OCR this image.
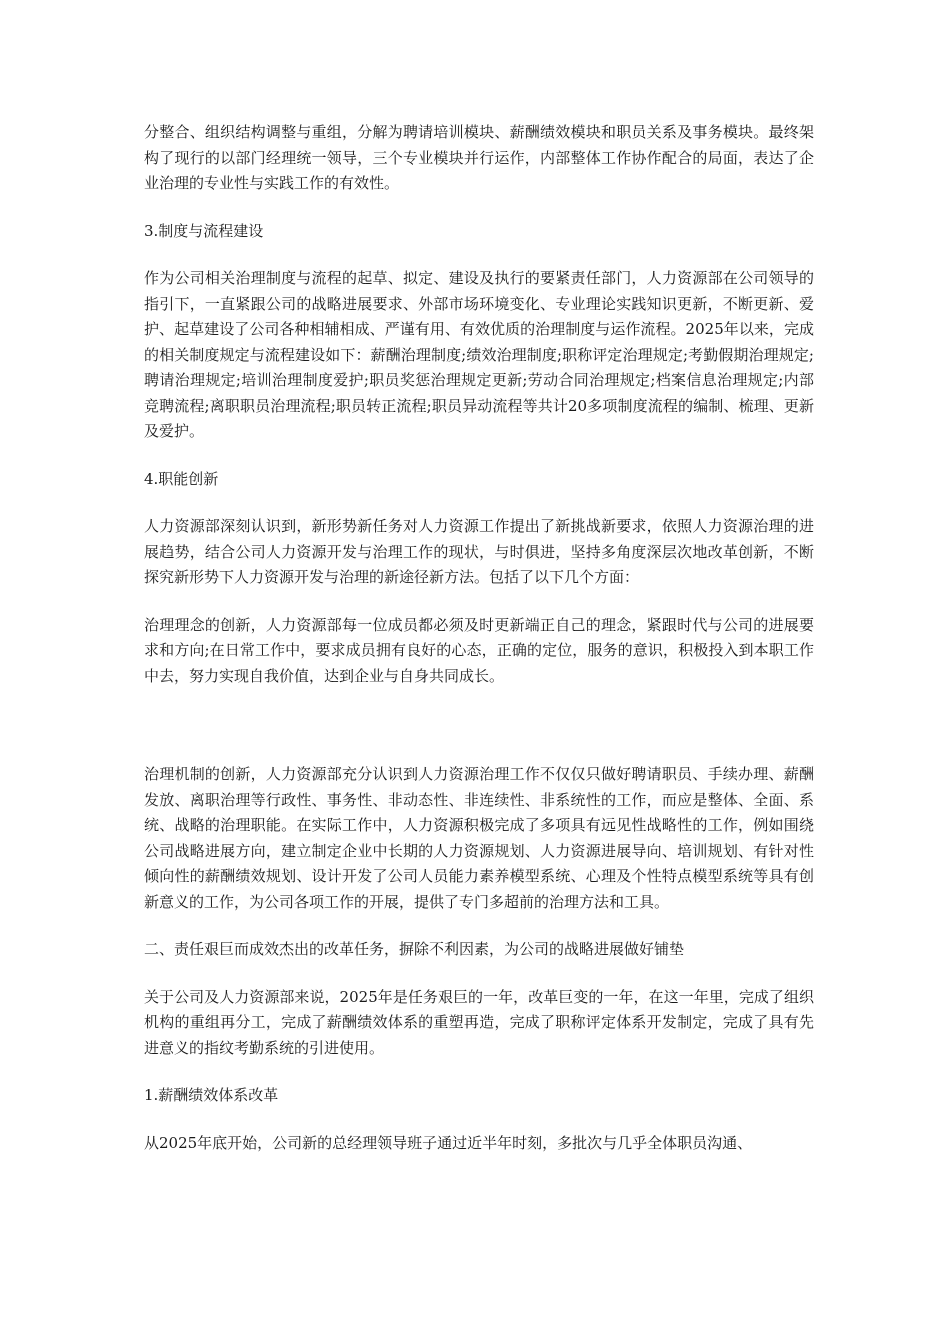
分整合、组织结构调整与重组，分解为聘请培训模块、薪酬绩效模块和职员关系及事务模块。最终架构了现行的以部门经理统一领导，三个专业模块并行运作，内部整体工作协作配合的局面，表达了企业治理的专业性与实践工作的有效性。

3.制度与流程建设

作为公司相关治理制度与流程的起草、拟定、建设及执行的要紧责任部门，人力资源部在公司领导的指引下，一直紧跟公司的战略进展要求、外部市场环境变化、专业理论实践知识更新，不断更新、爱护、起草建设了公司各种相辅相成、严谨有用、有效优质的治理制度与运作流程。2025年以来，完成的相关制度规定与流程建设如下：薪酬治理制度;绩效治理制度;职称评定治理规定;考勤假期治理规定;聘请治理规定;培训治理制度爱护;职员奖惩治理规定更新;劳动合同治理规定;档案信息治理规定;内部竞聘流程;离职职员治理流程;职员转正流程;职员异动流程等共计20多项制度流程的编制、梳理、更新及爱护。

4.职能创新

人力资源部深刻认识到，新形势新任务对人力资源工作提出了新挑战新要求，依照人力资源治理的进展趋势，结合公司人力资源开发与治理工作的现状，与时俱进，坚持多角度深层次地改革创新，不断探究新形势下人力资源开发与治理的新途径新方法。包括了以下几个方面：

治理理念的创新，人力资源部每一位成员都必须及时更新端正自己的理念，紧跟时代与公司的进展要求和方向;在日常工作中，要求成员拥有良好的心态，正确的定位，服务的意识，积极投入到本职工作中去，努力实现自我价值，达到企业与自身共同成长。

治理机制的创新，人力资源部充分认识到人力资源治理工作不仅仅只做好聘请职员、手续办理、薪酬发放、离职治理等行政性、事务性、非动态性、非连续性、非系统性的工作，而应是整体、全面、系统、战略的治理职能。在实际工作中，人力资源积极完成了多项具有远见性战略性的工作，例如围绕公司战略进展方向，建立制定企业中长期的人力资源规划、人力资源进展导向、培训规划、有针对性倾向性的薪酬绩效规划、设计开发了公司人员能力素养模型系统、心理及个性特点模型系统等具有创新意义的工作，为公司各项工作的开展，提供了专门多超前的治理方法和工具。

二、责任艰巨而成效杰出的改革任务，摒除不利因素，为公司的战略进展做好铺垫

关于公司及人力资源部来说，2025年是任务艰巨的一年，改革巨变的一年，在这一年里，完成了组织机构的重组再分工，完成了薪酬绩效体系的重塑再造，完成了职称评定体系开发制定，完成了具有先进意义的指纹考勤系统的引进使用。

1.薪酬绩效体系改革

从2025年底开始，公司新的总经理领导班子通过近半年时刻，多批次与几乎全体职员沟通、
